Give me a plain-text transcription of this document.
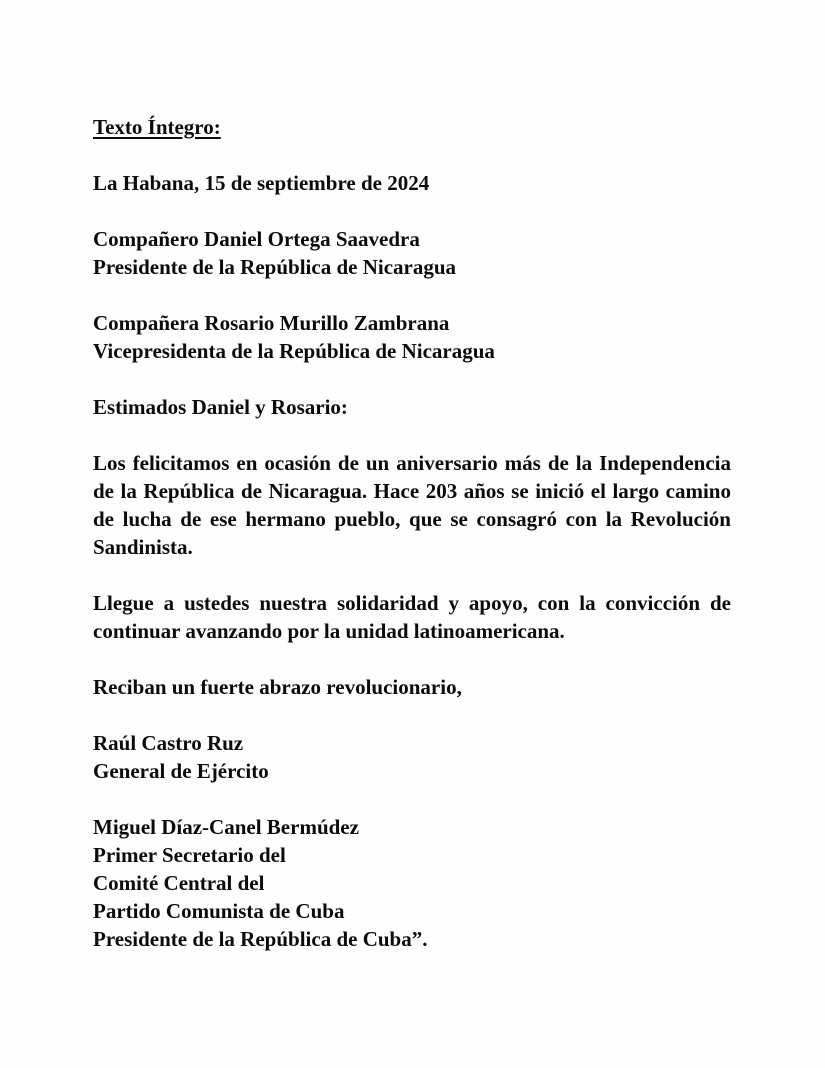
Texto Íntegro:

La Habana, 15 de septiembre de 2024

Compañero Daniel Ortega Saavedra
Presidente de la República de Nicaragua

Compañera Rosario Murillo Zambrana
Vicepresidenta de la República de Nicaragua

Estimados Daniel y Rosario:

Los felicitamos en ocasión de un aniversario más de la Independencia de la República de Nicaragua. Hace 203 años se inició el largo camino de lucha de ese hermano pueblo, que se consagró con la Revolución Sandinista.

Llegue a ustedes nuestra solidaridad y apoyo, con la convicción de continuar avanzando por la unidad latinoamericana.

Reciban un fuerte abrazo revolucionario,

Raúl Castro Ruz
General de Ejército

Miguel Díaz-Canel Bermúdez
Primer Secretario del
Comité Central del
Partido Comunista de Cuba
Presidente de la República de Cuba”.
